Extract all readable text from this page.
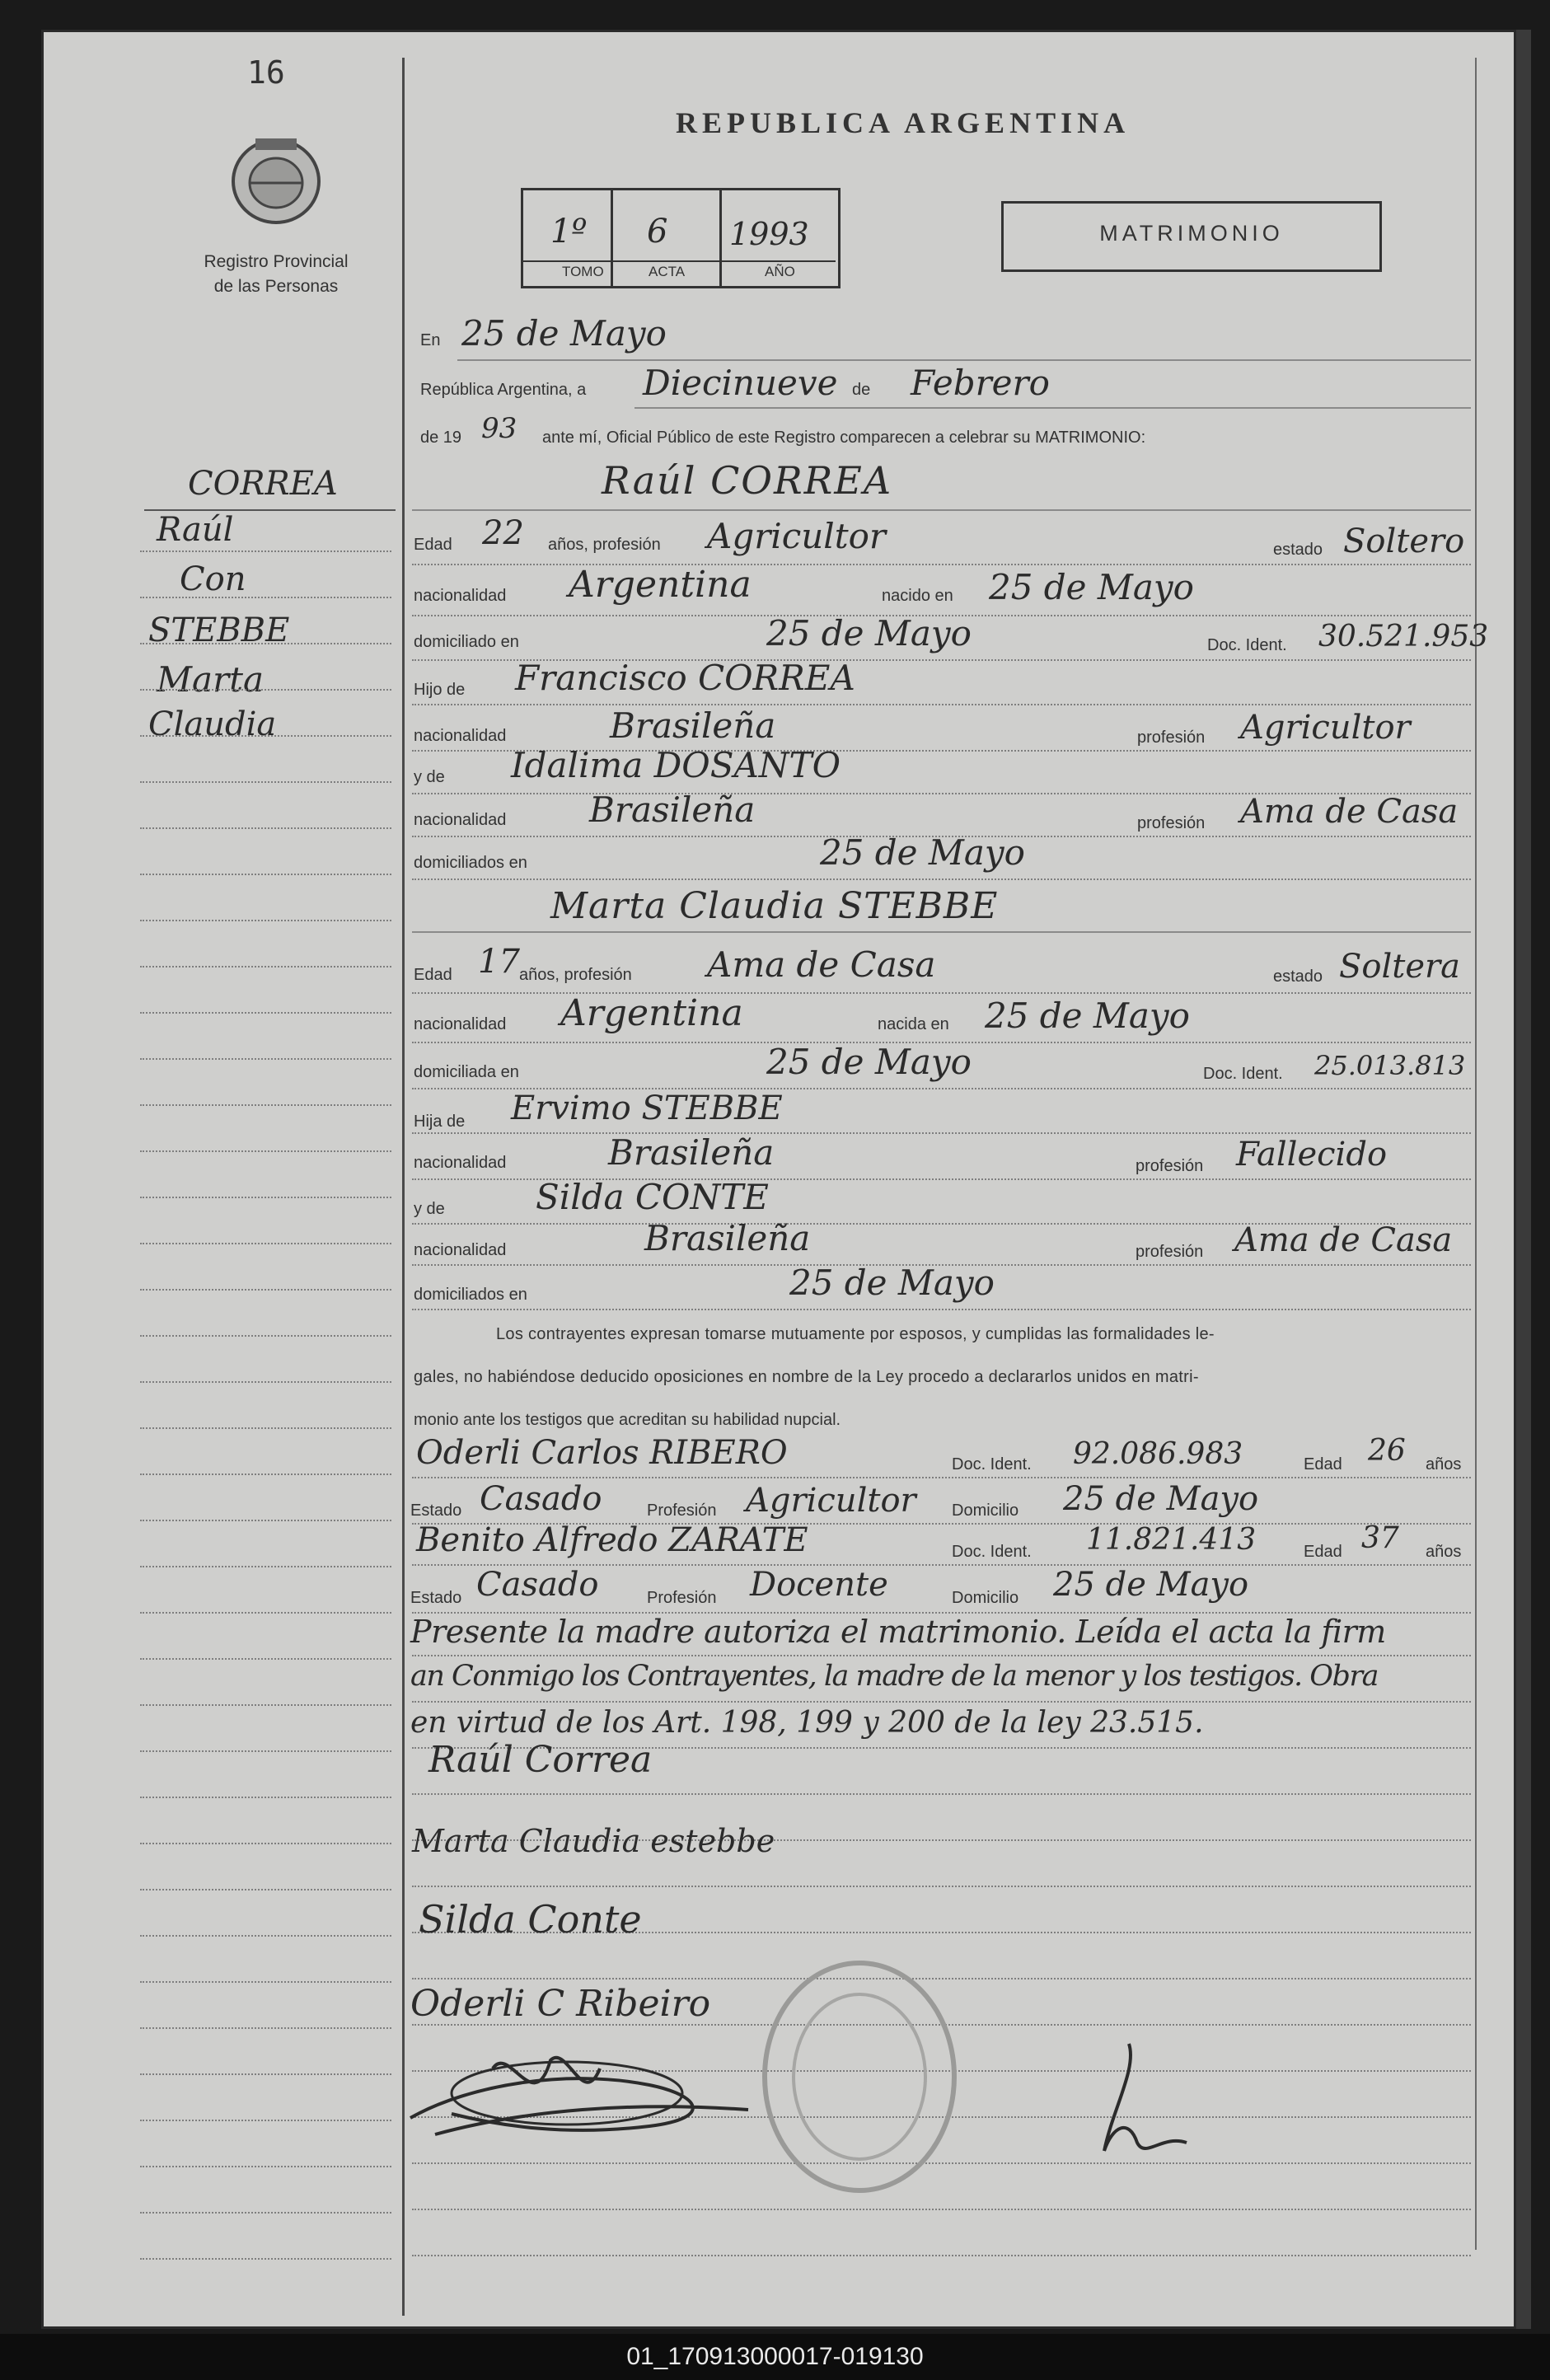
16
Registro Provincial
de las Personas
REPUBLICA ARGENTINA
1º 6 1993
TOMO	ACTA	AÑO
MATRIMONIO
CORREA
Raúl
Con
STEBBE
Marta
Claudia
En 25 de Mayo
República Argentina, a Diecinueve de Febrero
de 19 93 ante mí, Oficial Público de este Registro comparecen a celebrar su MATRIMONIO:
Raúl CORREA
Edad 22 años, profesión Agricultor	estado Soltero
nacionalidad Argentina	nacido en 25 de Mayo
domiciliado en	25 de Mayo	Doc. Ident. 30.521.953
Hijo de Francisco CORREA
nacionalidad	Brasileña	profesión Agricultor
y de Idalima DOSANTO
nacionalidad Brasileña	profesión Ama de Casa
domiciliados en	25 de Mayo
Marta Claudia STEBBE
Edad 17 años, profesión Ama de Casa	estado Soltera
nacionalidad Argentina	nacida en 25 de Mayo
domiciliada en	25 de Mayo	Doc. Ident. 25.013.813
Hija de Ervimo STEBBE
nacionalidad	Brasileña	profesión Fallecido
y de	Silda CONTE
nacionalidad	Brasileña	profesión Ama de Casa
domiciliados en	25 de Mayo
Los contrayentes expresan tomarse mutuamente por esposos, y cumplidas las formalidades le-
gales, no habiéndose deducido oposiciones en nombre de la Ley procedo a declararlos unidos en matri-
monio ante los testigos que acreditan su habilidad nupcial.
Oderli Carlos RIBERO	Doc. Ident. 92.086.983	Edad 26 años
Estado Casado	Profesión Agricultor Domicilio 25 de Mayo
Benito Alfredo ZARATE	Doc. Ident. 11.821.413	Edad 37 años
Estado Casado	Profesión Docente	Domicilio 25 de Mayo
Presente la madre autoriza el matrimonio. Leída el acta la firm
an Conmigo los Contrayentes, la madre de la menor y los testigos. Obra
en virtud de los Art. 198, 199 y 200 de la ley 23.515.
Raúl Correa
Marta Claudia estebbe
Silda Conte
Oderli C Ribeiro
01_170913000017-019130
